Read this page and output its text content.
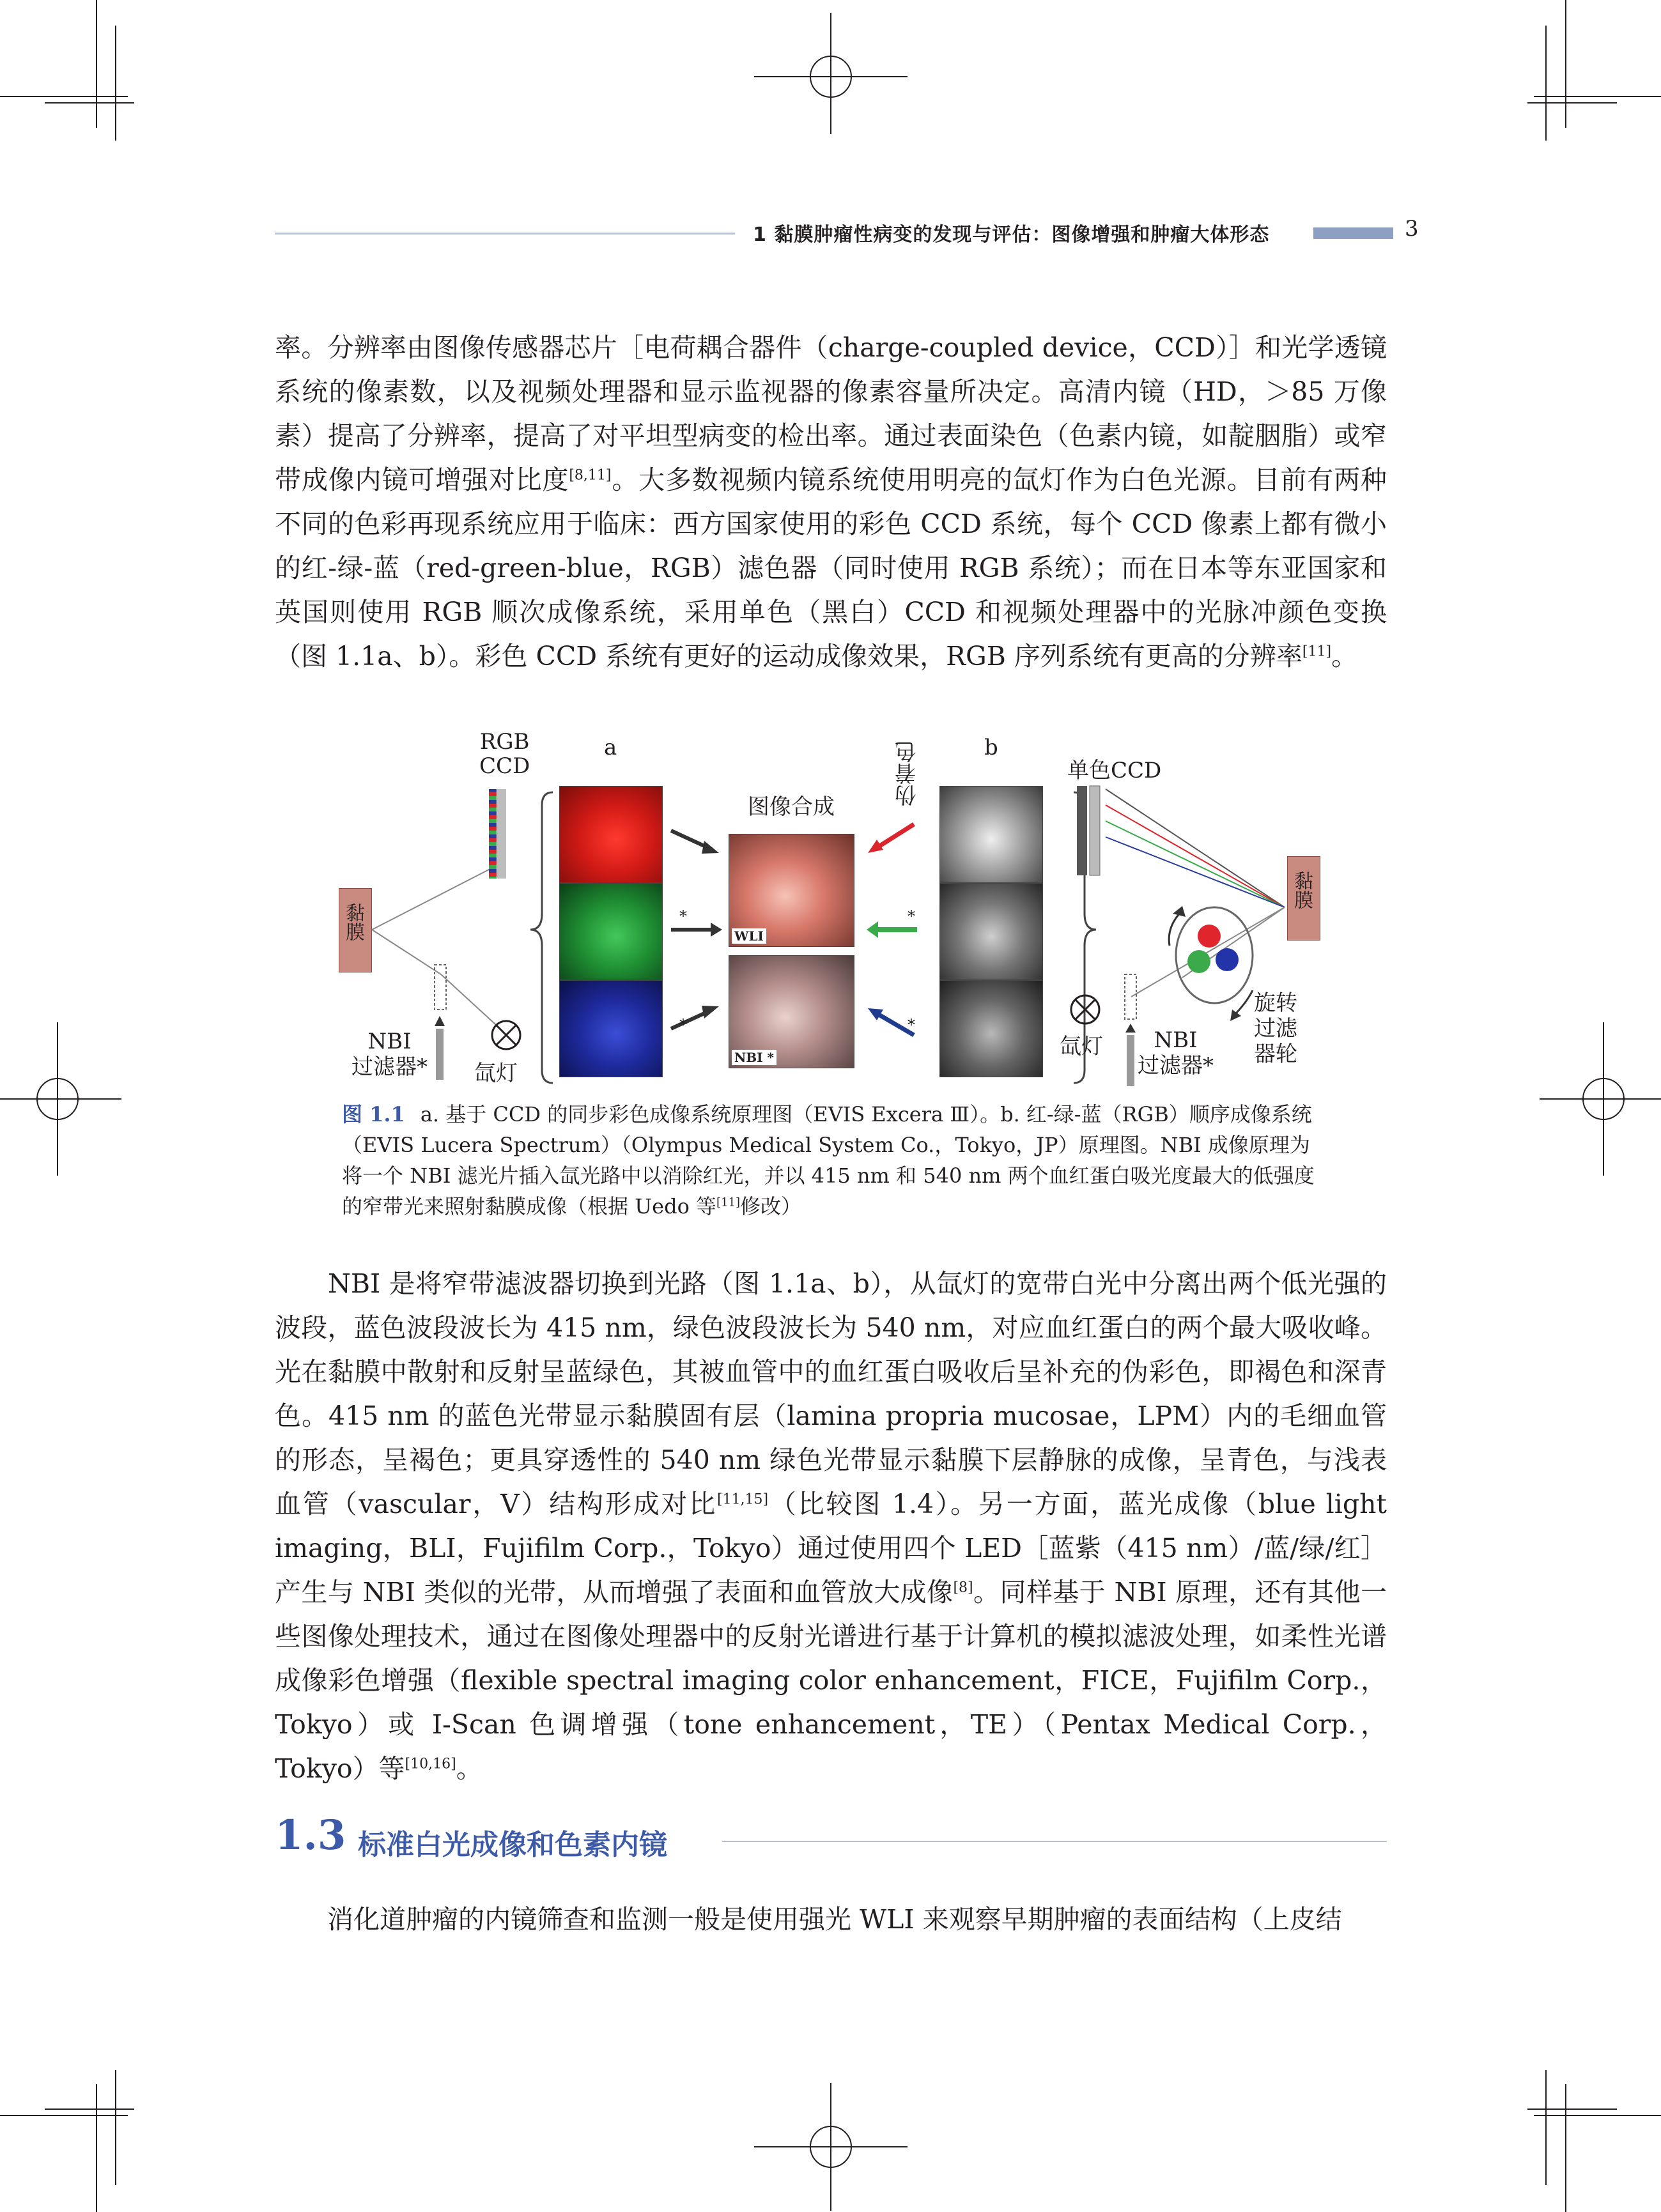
1 黏膜肿瘤性病变的发现与评估：图像增强和肿瘤大体形态	3

率。分辨率由图像传感器芯片［电荷耦合器件（charge-coupled device，CCD）］和光学透镜系统的像素数，以及视频处理器和显示监视器的像素容量所决定。高清内镜（HD，＞85 万像素）提高了分辨率，提高了对平坦型病变的检出率。通过表面染色（色素内镜，如靛胭脂）或窄带成像内镜可增强对比度[8,11]。大多数视频内镜系统使用明亮的氙灯作为白色光源。目前有两种不同的色彩再现系统应用于临床：西方国家使用的彩色 CCD 系统，每个 CCD 像素上都有微小的红-绿-蓝（red-green-blue，RGB）滤色器（同时使用 RGB 系统）；而在日本等东亚国家和英国则使用 RGB 顺次成像系统，采用单色（黑白）CCD 和视频处理器中的光脉冲颜色变换（图 1.1a、b）。彩色 CCD 系统有更好的运动成像效果，RGB 序列系统有更高的分辨率[11]。

黏膜
黏膜
WLI
NBI *
RGB
CCD
a	b
图像合成
伪着色	单色CCD
NBI
过滤器* 氙灯
氙灯	NBI
过滤器*
旋转
过滤
器轮
*
*
*
*
图 1.1 a. 基于 CCD 的同步彩色成像系统原理图（EVIS Excera Ⅲ）。b. 红-绿-蓝（RGB）顺序成像系统（EVIS Lucera Spectrum）（Olympus Medical System Co.，Tokyo，JP）原理图。NBI 成像原理为将一个 NBI 滤光片插入氙光路中以消除红光，并以 415 nm 和 540 nm 两个血红蛋白吸光度最大的低强度的窄带光来照射黏膜成像（根据 Uedo 等[11]修改）

　　NBI 是将窄带滤波器切换到光路（图 1.1a、b），从氙灯的宽带白光中分离出两个低光强的波段，蓝色波段波长为 415 nm，绿色波段波长为 540 nm，对应血红蛋白的两个最大吸收峰。光在黏膜中散射和反射呈蓝绿色，其被血管中的血红蛋白吸收后呈补充的伪彩色，即褐色和深青色。415 nm 的蓝色光带显示黏膜固有层（lamina propria mucosae，LPM）内的毛细血管的形态，呈褐色；更具穿透性的 540 nm 绿色光带显示黏膜下层静脉的成像，呈青色，与浅表血管（vascular，V）结构形成对比[11,15]（比较图 1.4）。另一方面，蓝光成像（blue light imaging，BLI，Fujifilm Corp.，Tokyo）通过使用四个 LED［蓝紫（415 nm）/蓝/绿/红］产生与 NBI 类似的光带，从而增强了表面和血管放大成像[8]。同样基于 NBI 原理，还有其他一些图像处理技术，通过在图像处理器中的反射光谱进行基于计算机的模拟滤波处理，如柔性光谱成像彩色增强（flexible spectral imaging color enhancement，FICE，Fujifilm Corp.，Tokyo）或 I-Scan 色调增强（tone enhancement，TE）（Pentax Medical Corp.，Tokyo）等[10,16]。

1.3 标准白光成像和色素内镜

　　消化道肿瘤的内镜筛查和监测一般是使用强光 WLI 来观察早期肿瘤的表面结构（上皮结
